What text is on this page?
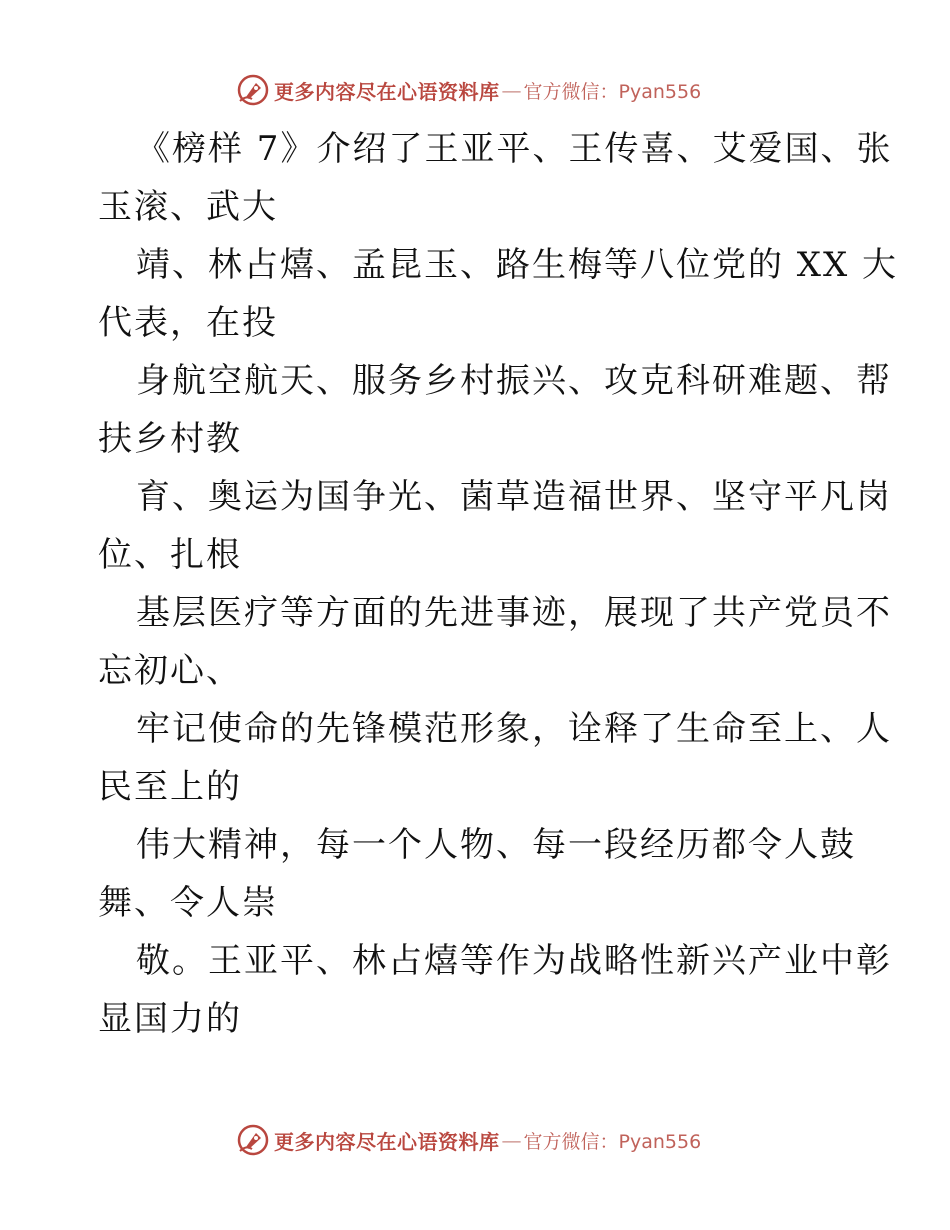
更多内容尽在心语资料库 — 官方微信：Pyan556
《榜样 7》介绍了王亚平、王传喜、艾爱国、张
玉滚、武大
靖、林占熺、孟昆玉、路生梅等八位党的 XX 大
代表，在投
身航空航天、服务乡村振兴、攻克科研难题、帮
扶乡村教
育、奥运为国争光、菌草造福世界、坚守平凡岗
位、扎根
基层医疗等方面的先进事迹，展现了共产党员不
忘初心、
牢记使命的先锋模范形象，诠释了生命至上、人
民至上的
伟大精神，每一个人物、每一段经历都令人鼓
舞、令人崇
敬。王亚平、林占熺等作为战略性新兴产业中彰
显国力的
更多内容尽在心语资料库 — 官方微信：Pyan556
